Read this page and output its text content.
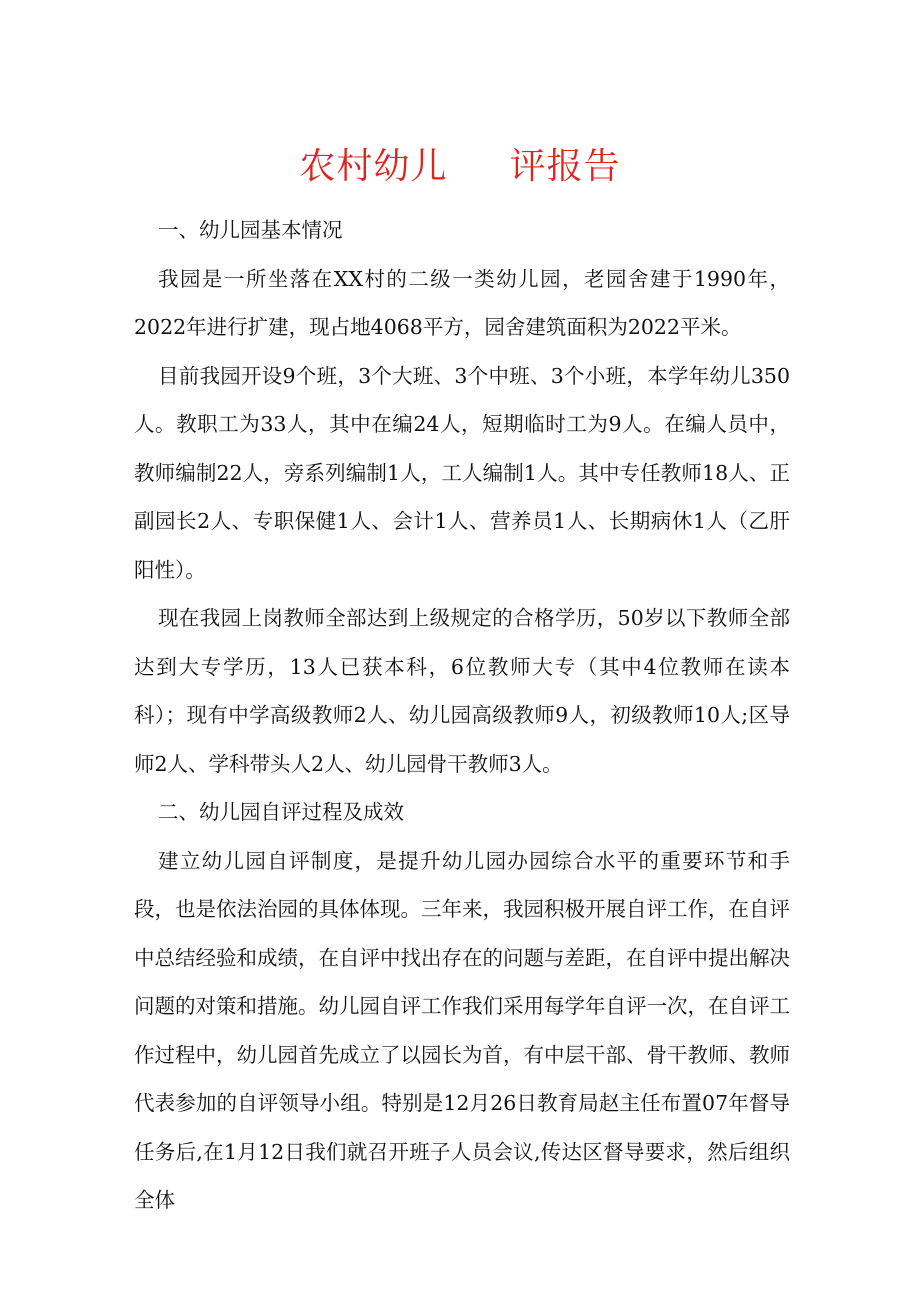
农村幼儿     评报告

一、幼儿园基本情况

我园是一所坐落在XX村的二级一类幼儿园，老园舍建于1990年，2022年进行扩建，现占地4068平方，园舍建筑面积为2022平米。

目前我园开设9个班，3个大班、3个中班、3个小班，本学年幼儿350人。教职工为33人，其中在编24人，短期临时工为9人。在编人员中，教师编制22人，旁系列编制1人，工人编制1人。其中专任教师18人、正副园长2人、专职保健1人、会计1人、营养员1人、长期病休1人（乙肝阳性）。

现在我园上岗教师全部达到上级规定的合格学历，50岁以下教师全部达到大专学历，13人已获本科，6位教师大专（其中4位教师在读本科）；现有中学高级教师2人、幼儿园高级教师9人，初级教师10人;区导师2人、学科带头人2人、幼儿园骨干教师3人。

二、幼儿园自评过程及成效

建立幼儿园自评制度，是提升幼儿园办园综合水平的重要环节和手段，也是依法治园的具体体现。三年来，我园积极开展自评工作，在自评中总结经验和成绩，在自评中找出存在的问题与差距，在自评中提出解决问题的对策和措施。幼儿园自评工作我们采用每学年自评一次，在自评工作过程中，幼儿园首先成立了以园长为首，有中层干部、骨干教师、教师代表参加的自评领导小组。特别是12月26日教育局赵主任布置07年督导任务后,在1月12日我们就召开班子人员会议,传达区督导要求，然后组织全体
